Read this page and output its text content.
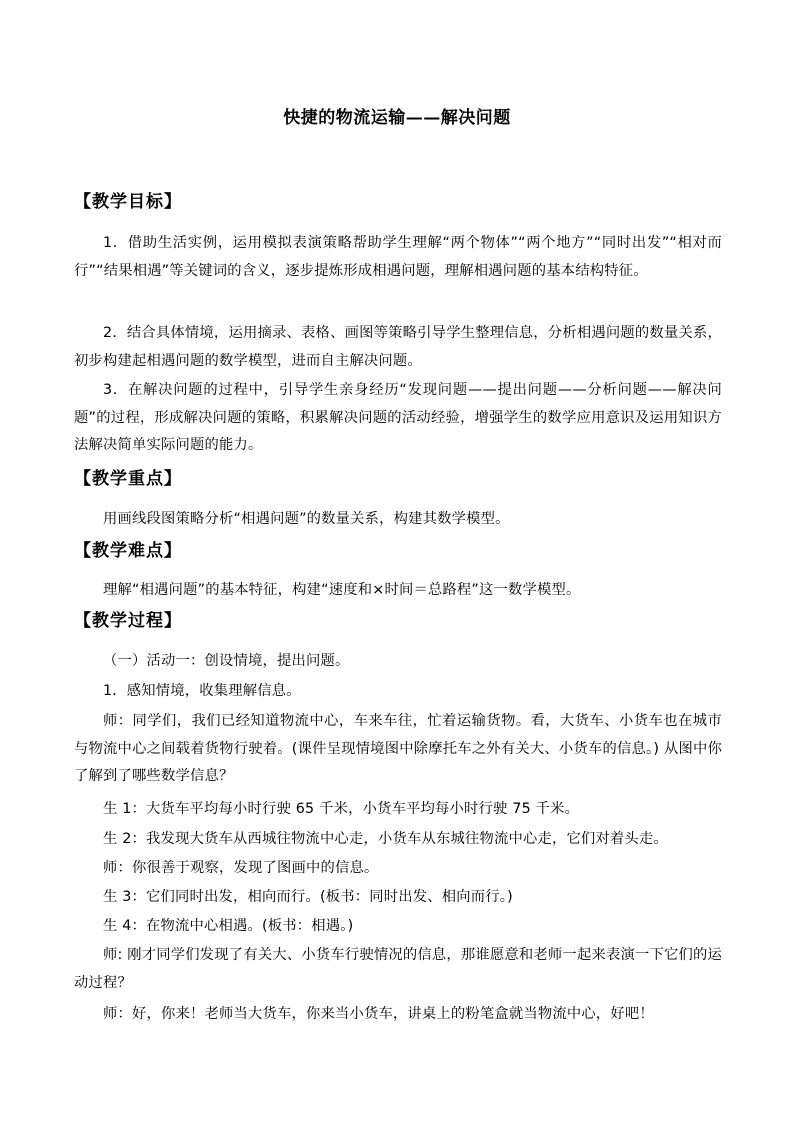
快捷的物流运输——解决问题
【教学目标】

1．借助生活实例，运用模拟表演策略帮助学生理解“两个物体”“两个地方”“同时出发”“相对而行”“结果相遇”等关键词的含义，逐步提炼形成相遇问题，理解相遇问题的基本结构特征。

2．结合具体情境，运用摘录、表格、画图等策略引导学生整理信息，分析相遇问题的数量关系，初步构建起相遇问题的数学模型，进而自主解决问题。

3．在解决问题的过程中，引导学生亲身经历“发现问题——提出问题——分析问题——解决问题”的过程，形成解决问题的策略，积累解决问题的活动经验，增强学生的数学应用意识及运用知识方法解决简单实际问题的能力。

【教学重点】

用画线段图策略分析“相遇问题”的数量关系，构建其数学模型。

【教学难点】

理解“相遇问题”的基本特征，构建“速度和×时间＝总路程”这一数学模型。

【教学过程】

（一）活动一：创设情境，提出问题。

1．感知情境，收集理解信息。

师：同学们，我们已经知道物流中心，车来车往，忙着运输货物。看，大货车、小货车也在城市与物流中心之间载着货物行驶着。(课件呈现情境图中除摩托车之外有关大、小货车的信息。) 从图中你了解到了哪些数学信息？

生 1：大货车平均每小时行驶 65 千米，小货车平均每小时行驶 75 千米。

生 2：我发现大货车从西城往物流中心走，小货车从东城往物流中心走，它们对着头走。

师：你很善于观察，发现了图画中的信息。

生 3：它们同时出发，相向而行。(板书：同时出发、相向而行。)

生 4：在物流中心相遇。(板书：相遇。)

师: 刚才同学们发现了有关大、小货车行驶情况的信息，那谁愿意和老师一起来表演一下它们的运动过程？

师：好，你来！老师当大货车，你来当小货车，讲桌上的粉笔盒就当物流中心，好吧！
